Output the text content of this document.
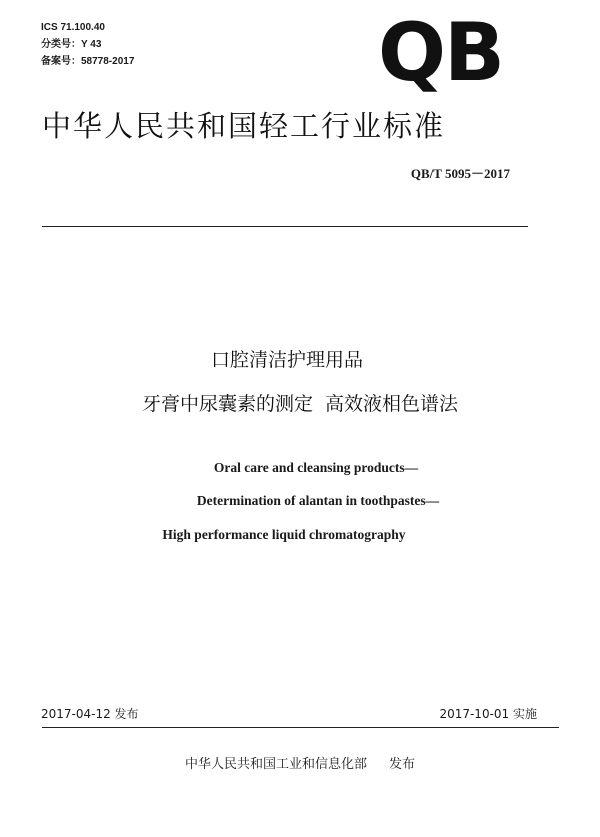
ICS 71.100.40
分类号：Y 43
备案号：58778-2017	QB
中华人民共和国轻工行业标准
QB/T 5095－2017
口腔清洁护理用品
牙膏中尿囊素的测定  高效液相色谱法
Oral care and cleansing products—
Determination of alantan in toothpastes—
High performance liquid chromatography
2017-04-12 发布	2017-10-01 实施
中华人民共和国工业和信息化部 发布
